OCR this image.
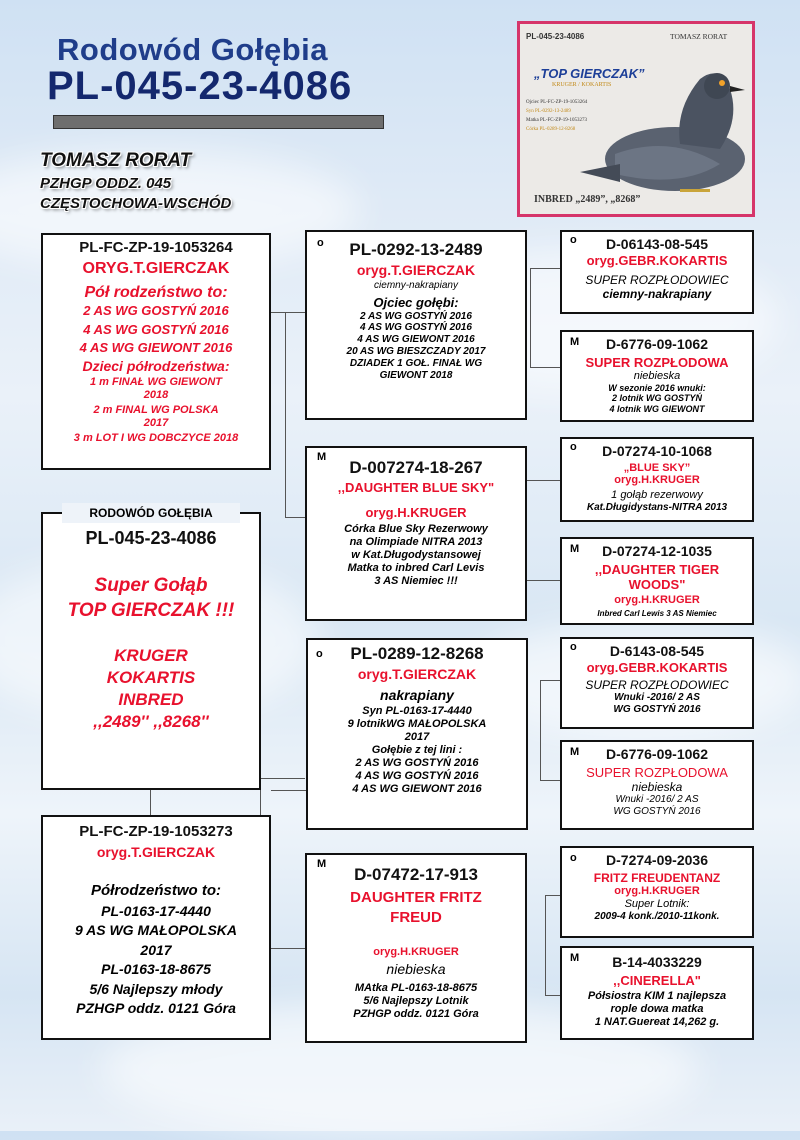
Rodowód Gołębia
PL-045-23-4086
TOMASZ RORAT
PZHGP ODDZ. 045
CZĘSTOCHOWA-WSCHÓD
PL-045-23-4086	TOMASZ RORAT
„TOP GIERCZAK”
KRUGER / KOKARTIS
Ojciec PL-FC-ZP-19-1053264
Syn PL-0292-13-2489
Matka PL-FC-ZP-19-1053273
Córka PL-0289-12-8268
INBRED „2489”, „8268”
PL-FC-ZP-19-1053264
ORYG.T.GIERCZAK
Pół rodzeństwo to:
2 AS WG GOSTYŃ 2016
4 AS WG GOSTYŃ 2016
4 AS WG GIEWONT 2016
Dzieci półrodzeństwa:
1 m FINAŁ WG GIEWONT
2018
2 m FINAL WG POLSKA
2017
3 m LOT I WG DOBCZYCE 2018
PL-045-23-4086
Super Gołąb
TOP GIERCZAK !!!
KRUGER
KOKARTIS
INBRED
,,2489'' ,,8268''
RODOWÓD GOŁĘBIA
PL-FC-ZP-19-1053273
oryg.T.GIERCZAK
Półrodzeństwo to:
PL-0163-17-4440
9 AS WG MAŁOPOLSKA
2017
PL-0163-18-8675
5/6 Najlepszy młody
PZHGP oddz. 0121 Góra
o	PL-0292-13-2489
oryg.T.GIERCZAK
ciemny-nakrapiany
Ojciec gołębi:
2 AS WG GOSTYŃ 2016
4 AS WG GOSTYŃ 2016
4 AS WG GIEWONT 2016
20 AS WG BIESZCZADY 2017
DZIADEK 1 GOŁ. FINAŁ WG
GIEWONT 2018
M
D-007274-18-267
,,DAUGHTER BLUE SKY"
oryg.H.KRUGER
Córka Blue Sky Rezerwowy
na Olimpiade NITRA 2013
w Kat.Długodystansowej
Matka to inbred Carl Levis
3 AS Niemiec !!!
o	PL-0289-12-8268
oryg.T.GIERCZAK
nakrapiany
Syn PL-0163-17-4440
9 lotnikWG MAŁOPOLSKA
2017
Gołębie z tej lini :
2 AS WG GOSTYŃ 2016
4 AS WG GOSTYŃ 2016
4 AS WG GIEWONT 2016
M
D-07472-17-913
DAUGHTER FRITZ
FREUD
oryg.H.KRUGER
niebieska
MAtka PL-0163-18-8675
5/6 Najlepszy Lotnik
PZHGP oddz. 0121 Góra
o	D-06143-08-545
oryg.GEBR.KOKARTIS
SUPER ROZPŁODOWIEC
ciemny-nakrapiany
M	D-6776-09-1062
SUPER ROZPŁODOWA
niebieska
W sezonie 2016 wnuki:
2 lotnik WG GOSTYŃ
4 lotnik WG GIEWONT
o	D-07274-10-1068
„BLUE SKY”
oryg.H.KRUGER
1 gołąb rezerwowy
Kat.Długidystans-NITRA 2013
M	D-07274-12-1035
,,DAUGHTER TIGER
WOODS"
oryg.H.KRUGER
Inbred Carl Lewis 3 AS Niemiec
o	D-6143-08-545
oryg.GEBR.KOKARTIS
SUPER ROZPŁODOWIEC
Wnuki -2016/ 2 AS
WG GOSTYŃ 2016
M	D-6776-09-1062
SUPER ROZPŁODOWA
niebieska
Wnuki -2016/ 2 AS
WG GOSTYŃ 2016
o	D-7274-09-2036
FRITZ FREUDENTANZ
oryg.H.KRUGER
Super Lotnik:
2009-4 konk./2010-11konk.
M	B-14-4033229
,,CINERELLA"
Półsiostra KIM 1 najlepsza
rople dowa matka
1 NAT.Guereat 14,262 g.
